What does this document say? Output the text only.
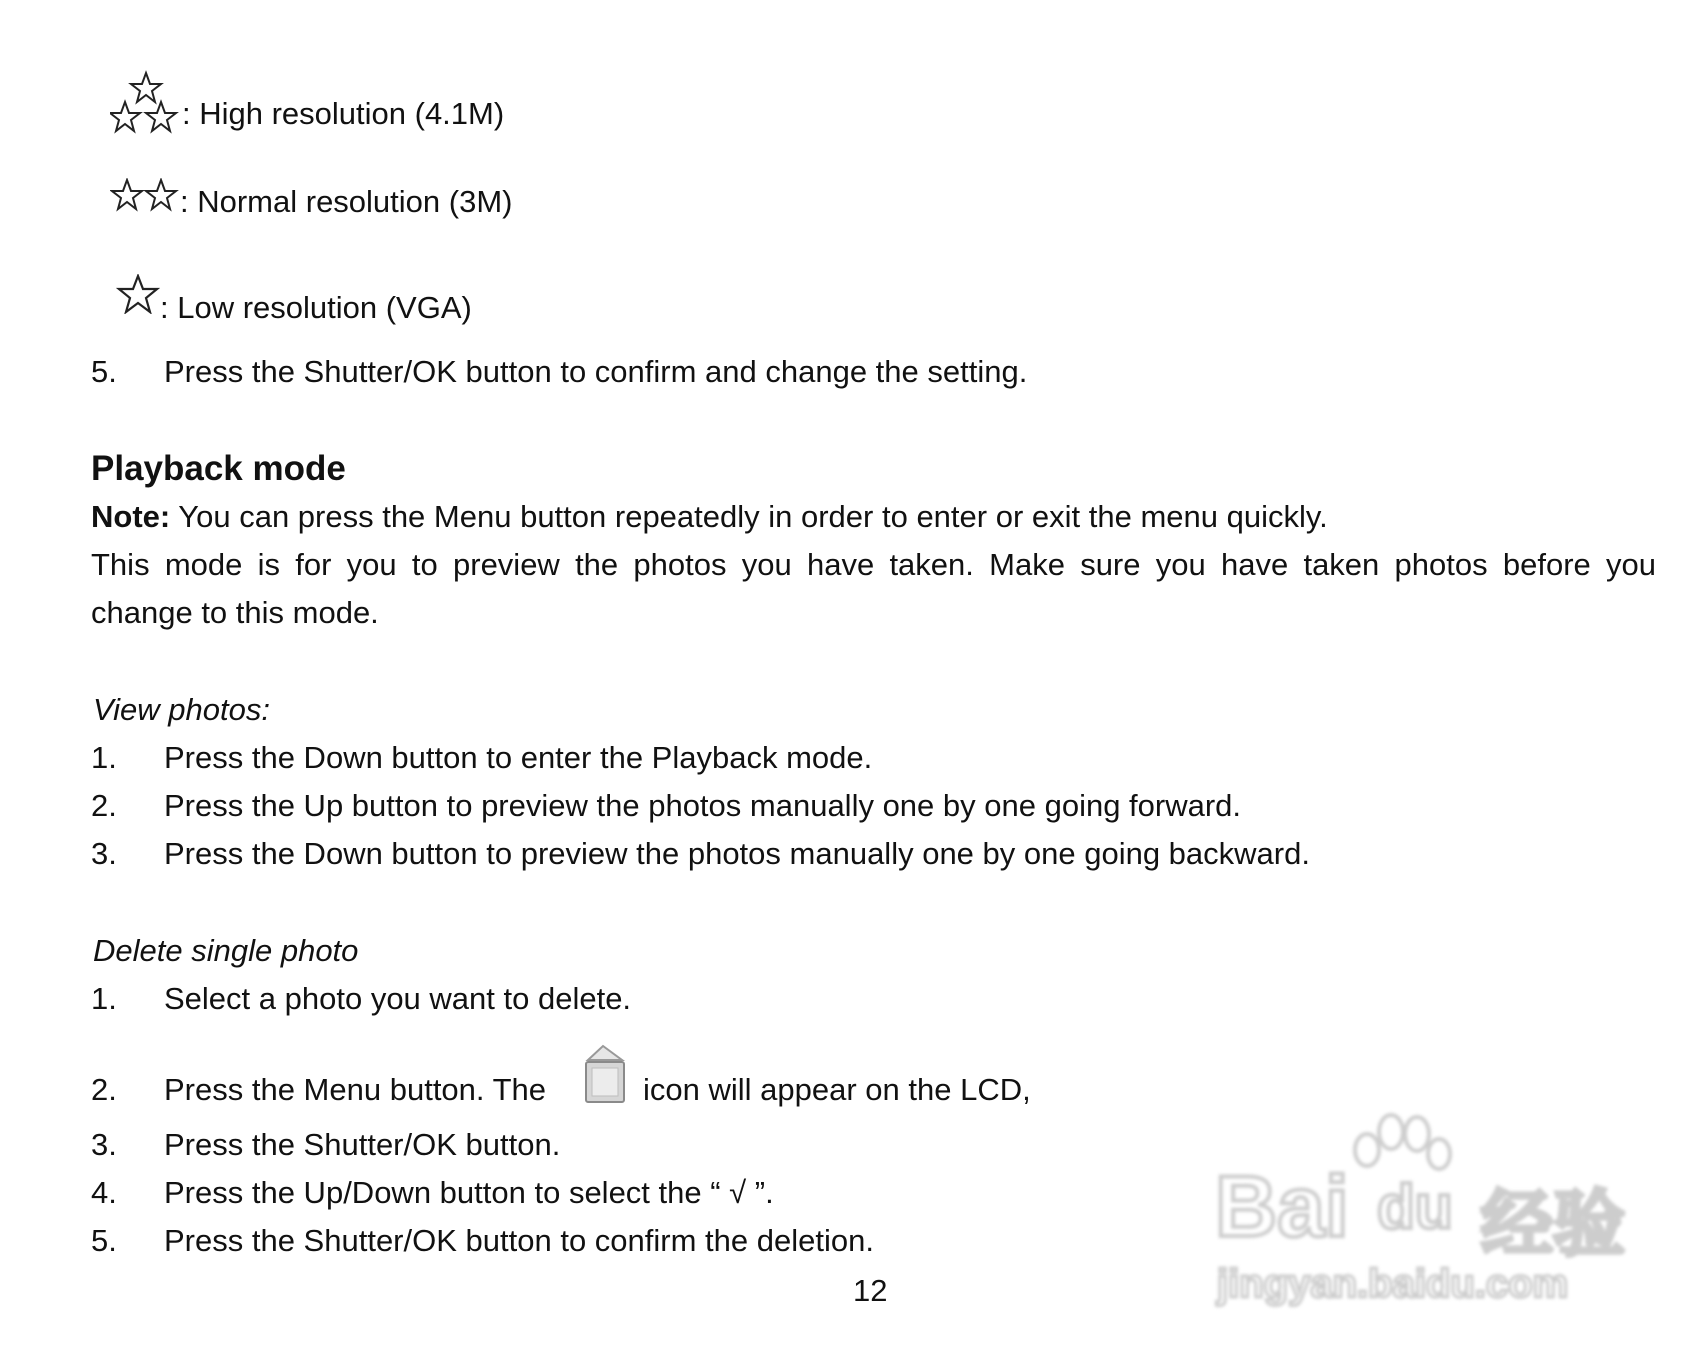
: High resolution (4.1M)
: Normal resolution (3M)
: Low resolution (VGA)
5. Press the Shutter/OK button to confirm and change the setting.
Playback mode
Note: You can press the Menu button repeatedly in order to enter or exit the menu quickly.
This mode is for you to preview the photos you have taken. Make sure you have taken photos before you
change to this mode.
View photos:
1. Press the Down button to enter the Playback mode.
2. Press the Up button to preview the photos manually one by one going forward.
3. Press the Down button to preview the photos manually one by one going backward.
Delete single photo
1. Select a photo you want to delete.
2. Press the Menu button. The	icon will appear on the LCD,
3. Press the Shutter/OK button.
4. Press the Up/Down button to select the “ √ ”.
5. Press the Shutter/OK button to confirm the deletion.
12
Bai du 经验
jingyan.baidu.com
